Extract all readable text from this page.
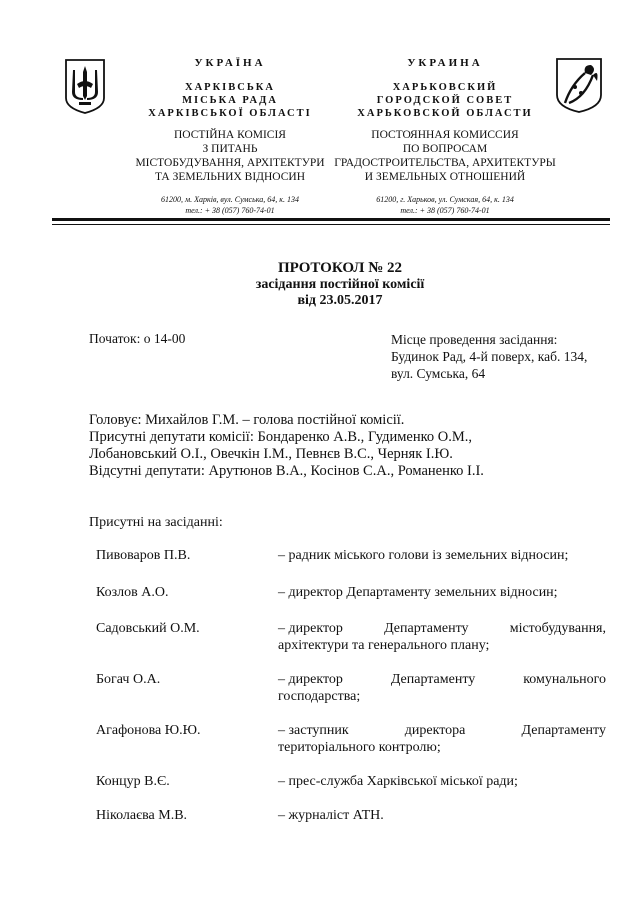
УКРАЇНА
ХАРКІВСЬКА
МІСЬКА РАДА
ХАРКІВСЬКОЇ ОБЛАСТІ
ПОСТІЙНА КОМІСІЯ
З ПИТАНЬ
МІСТОБУДУВАННЯ, АРХІТЕКТУРИ
ТА ЗЕМЕЛЬНИХ ВІДНОСИН
61200, м. Харків, вул. Сумська, 64, к. 134
тел.: + 38 (057) 760-74-01
УКРАИНА
ХАРЬКОВСКИЙ
ГОРОДСКОЙ СОВЕТ
ХАРЬКОВСКОЙ ОБЛАСТИ
ПОСТОЯННАЯ КОМИССИЯ
ПО ВОПРОСАМ
ГРАДОСТРОИТЕЛЬСТВА, АРХИТЕКТУРЫ
И ЗЕМЕЛЬНЫХ ОТНОШЕНИЙ
61200, г. Харьков, ул. Сумская, 64, к. 134
тел.: + 38 (057) 760-74-01
ПРОТОКОЛ № 22
засідання постійної комісії
від 23.05.2017
Початок: о 14-00	Місце проведення засідання:
Будинок Рад, 4-й поверх, каб. 134,
вул. Сумська, 64
Головує: Михайлов Г.М. – голова постійної комісії.
Присутні депутати комісії: Бондаренко А.В., Гудименко О.М.,
Лобановський О.І., Овечкін І.М., Певнєв В.С., Черняк І.Ю.
Відсутні депутати: Арутюнов В.А., Косінов С.А., Романенко І.І.
Присутні на засіданні:
Пивоваров П.В.	– радник міського голови із земельних відносин;
Козлов А.О.	– директор Департаменту земельних відносин;
Садовський О.М.	– директор	Департаменту	містобудування,
архітектури та генерального плану;
Богач О.А.	– директор	Департаменту	комунального
господарства;
Агафонова Ю.Ю.	– заступник	директора	Департаменту
територіального контролю;
Концур В.Є.	– прес-служба Харківської міської ради;
Ніколаєва М.В.	– журналіст АТН.
